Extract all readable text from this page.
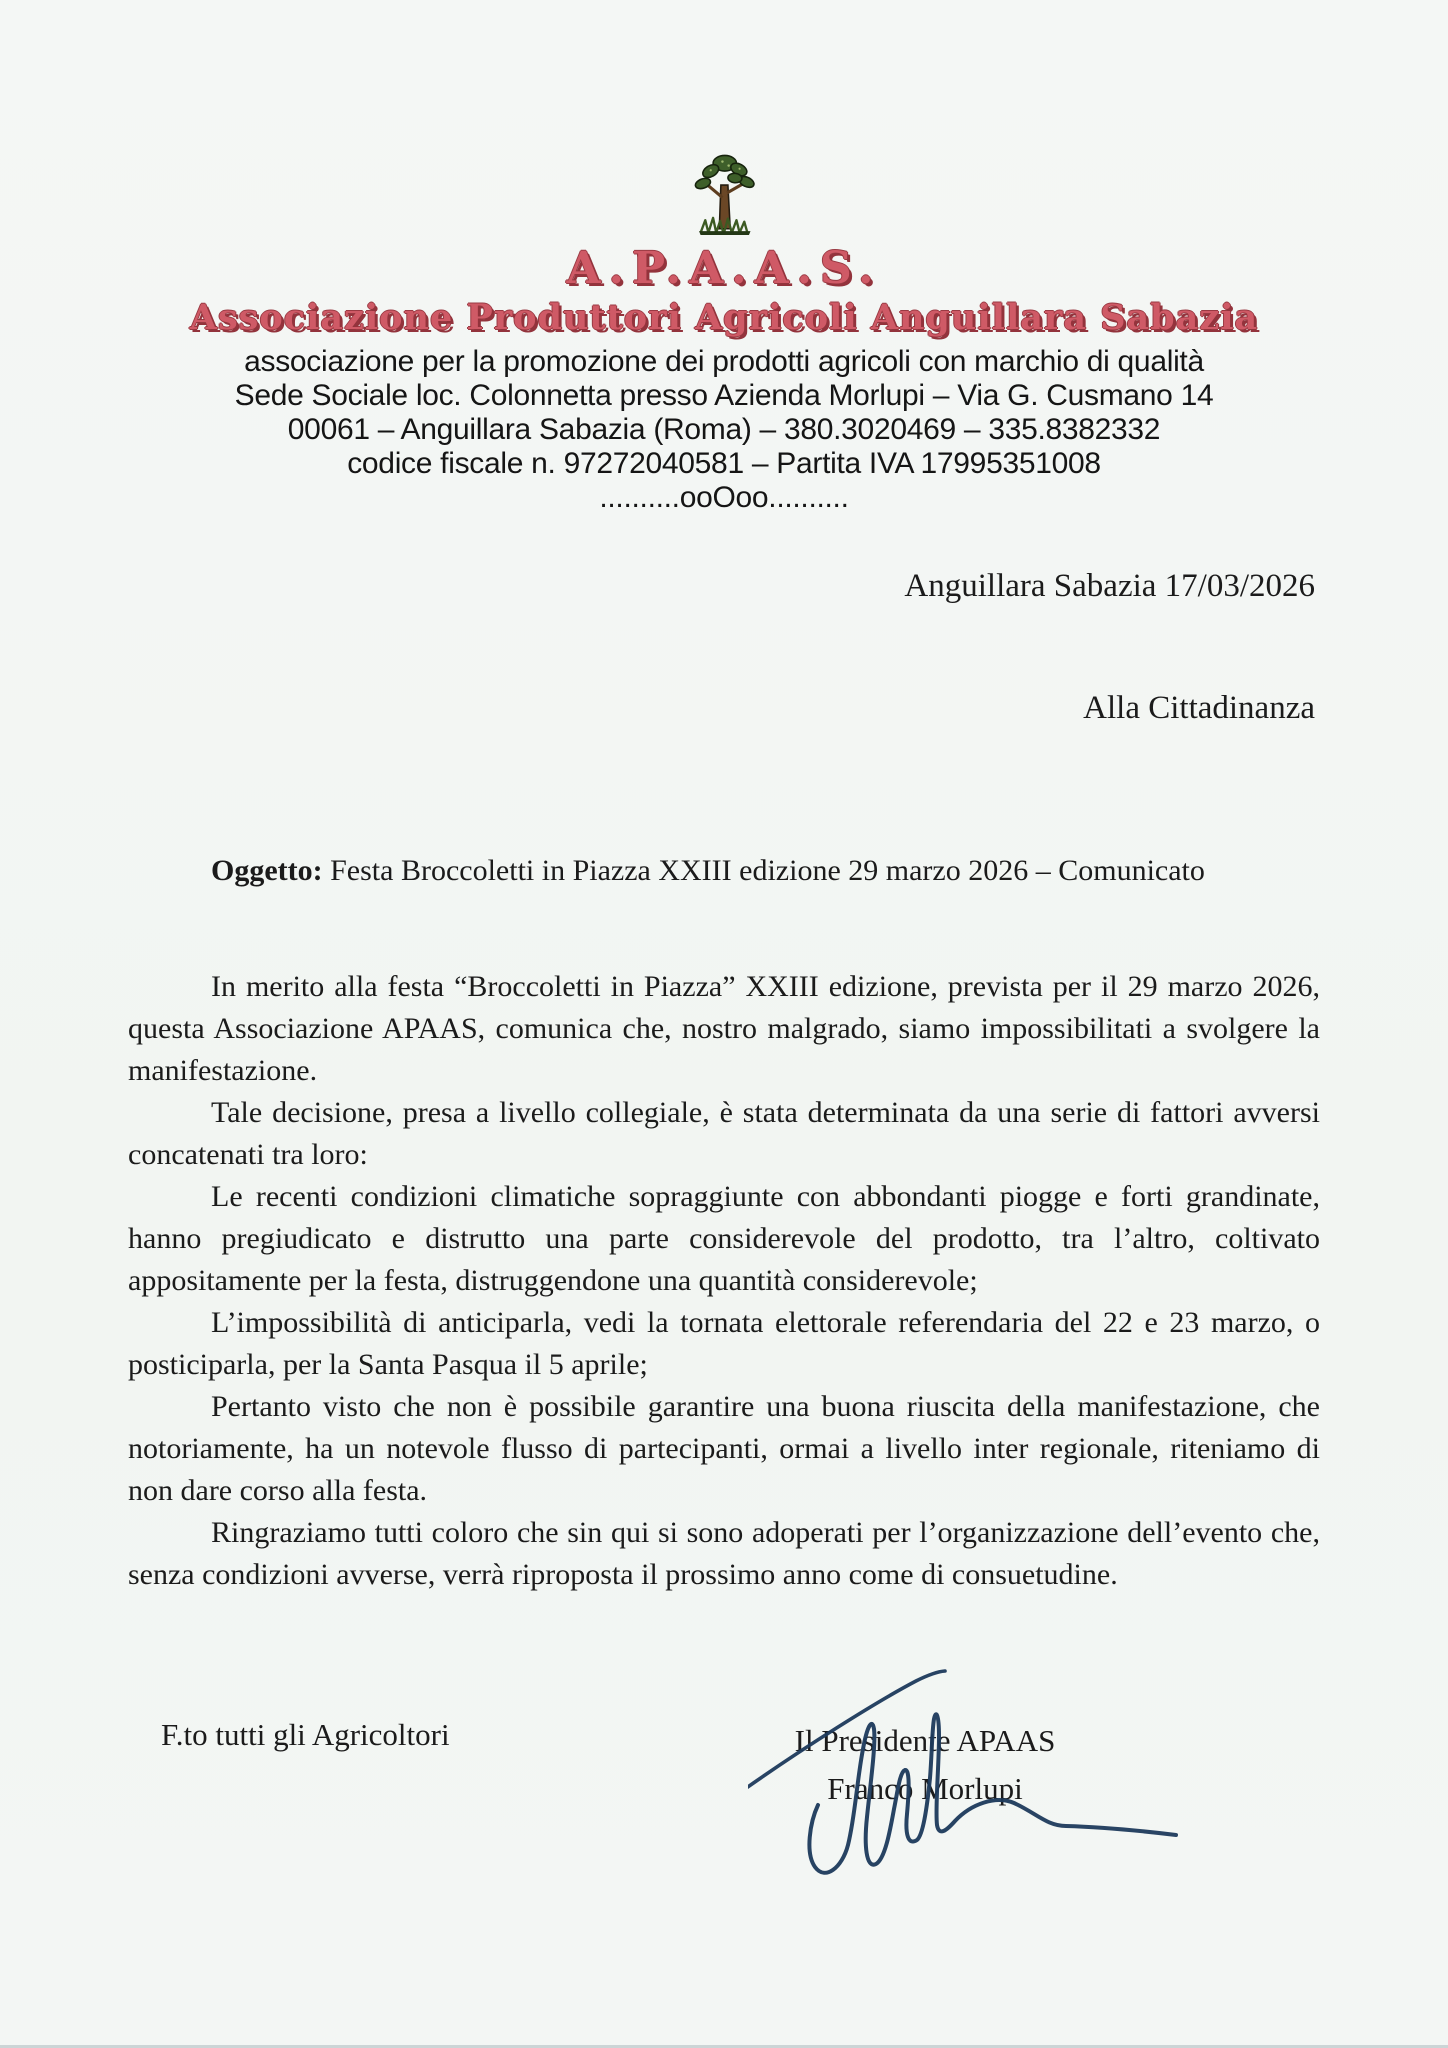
A.P.A.A.S.
Associazione Produttori Agricoli Anguillara Sabazia
associazione per la promozione dei prodotti agricoli con marchio di qualità
Sede Sociale loc. Colonnetta presso Azienda Morlupi – Via G. Cusmano 14
00061 – Anguillara Sabazia (Roma) – 380.3020469 – 335.8382332
codice fiscale n. 97272040581 – Partita IVA 17995351008
..........ooOoo..........
Anguillara Sabazia 17/03/2026
Alla Cittadinanza

Oggetto: Festa Broccoletti in Piazza XXIII edizione 29 marzo 2026 – Comunicato

In merito alla festa “Broccoletti in Piazza” XXIII edizione, prevista per il 29 marzo 2026, questa Associazione APAAS, comunica che, nostro malgrado, siamo impossibilitati a svolgere la manifestazione.

Tale decisione, presa a livello collegiale, è stata determinata da una serie di fattori avversi concatenati tra loro:

Le recenti condizioni climatiche sopraggiunte con abbondanti piogge e forti grandinate, hanno pregiudicato e distrutto una parte considerevole del prodotto, tra l’altro, coltivato appositamente per la festa, distruggendone una quantità considerevole;

L’impossibilità di anticiparla, vedi la tornata elettorale referendaria del 22 e 23 marzo, o posticiparla, per la Santa Pasqua il 5 aprile;

Pertanto visto che non è possibile garantire una buona riuscita della manifestazione, che notoriamente, ha un notevole flusso di partecipanti, ormai a livello inter regionale, riteniamo di non dare corso alla festa.

Ringraziamo tutti coloro che sin qui si sono adoperati per l’organizzazione dell’evento che, senza condizioni avverse, verrà riproposta il prossimo anno come di consuetudine.

F.to tutti gli Agricoltori	Il Presidente APAAS
Franco Morlupi
